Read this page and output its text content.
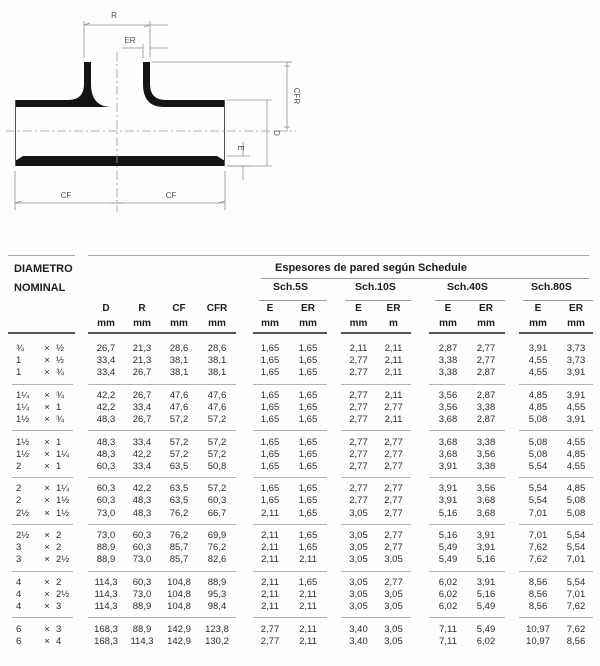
R
ER
CFR
D
E
CF	CF
DIAMETRO	Espesores de pared según Schedule
NOMINAL	Sch.5S	Sch.10S	Sch.40S	Sch.80S
D	R	CF	CFR	E	ER	E	ER	E	ER	E	ER
mm	mm	mm	mm	mm	mm	mm	m	mm	mm	mm	mm
¾	× ½	26,7	21,3	28,6	28,6	1,65	1,65	2,11	2,11	2,87	2,77	3,91	3,73
1	× ½	33,4	21,3	38,1	38,1	1,65	1,65	2,77	2,11	3,38	2,77	4,55	3,73
1	× ¾	33,4	26,7	38,1	38,1	1,65	1,65	2,77	2,11	3,38	2,87	4,55	3,91
1¼	× ¾	42,2	26,7	47,6	47,6	1,65	1,65	2,77	2,11	3,56	2,87	4,85	3,91
1¼	× 1	42,2	33,4	47,6	47,6	1,65	1,65	2,77	2,77	3,56	3,38	4,85	4,55
1½	× ¾	48,3	26,7	57,2	57,2	1,65	1,65	2,77	2,11	3,68	2,87	5,08	3,91
1½	× 1	48,3	33,4	57,2	57,2	1,65	1,65	2,77	2,77	3,68	3,38	5,08	4,55
1½	× 1¼	48,3	42,2	57,2	57,2	1,65	1,65	2,77	2,77	3,68	3,56	5,08	4,85
2	× 1	60,3	33,4	63,5	50,8	1,65	1,65	2,77	2,77	3,91	3,38	5,54	4,55
2	× 1¼	60,3	42,2	63,5	57,2	1,65	1,65	2,77	2,77	3,91	3,56	5,54	4,85
2	× 1½	60,3	48,3	63,5	60,3	1,65	1,65	2,77	2,77	3,91	3,68	5,54	5,08
2½	× 1½	73,0	48,3	76,2	66,7	2,11	1,65	3,05	2,77	5,16	3,68	7,01	5,08
2½	× 2	73,0	60,3	76,2	69,9	2,11	1,65	3,05	2,77	5,16	3,91	7,01	5,54
3	× 2	88,9	60,3	85,7	76,2	2,11	1,65	3,05	2,77	5,49	3,91	7,62	5,54
3	× 2½	88,9	73,0	85,7	82,6	2,11	2,11	3,05	3,05	5,49	5,16	7,62	7,01
4	× 2	114,3	60,3	104,8	88,9	2,11	1,65	3,05	2,77	6,02	3,91	8,56	5,54
4	× 2½	114,3	73,0	104,8	95,3	2,11	2,11	3,05	3,05	6,02	5,16	8,56	7,01
4	× 3	114,3	88,9	104,8	98,4	2,11	2,11	3,05	3,05	6,02	5,49	8,56	7,62
6	× 3	168,3	88,9	142,9	123,8	2,77	2,11	3,40	3,05	7,11	5,49	10,97	7,62
6	× 4	168,3	114,3	142,9	130,2	2,77	2,11	3,40	3,05	7,11	6,02	10,97	8,56
